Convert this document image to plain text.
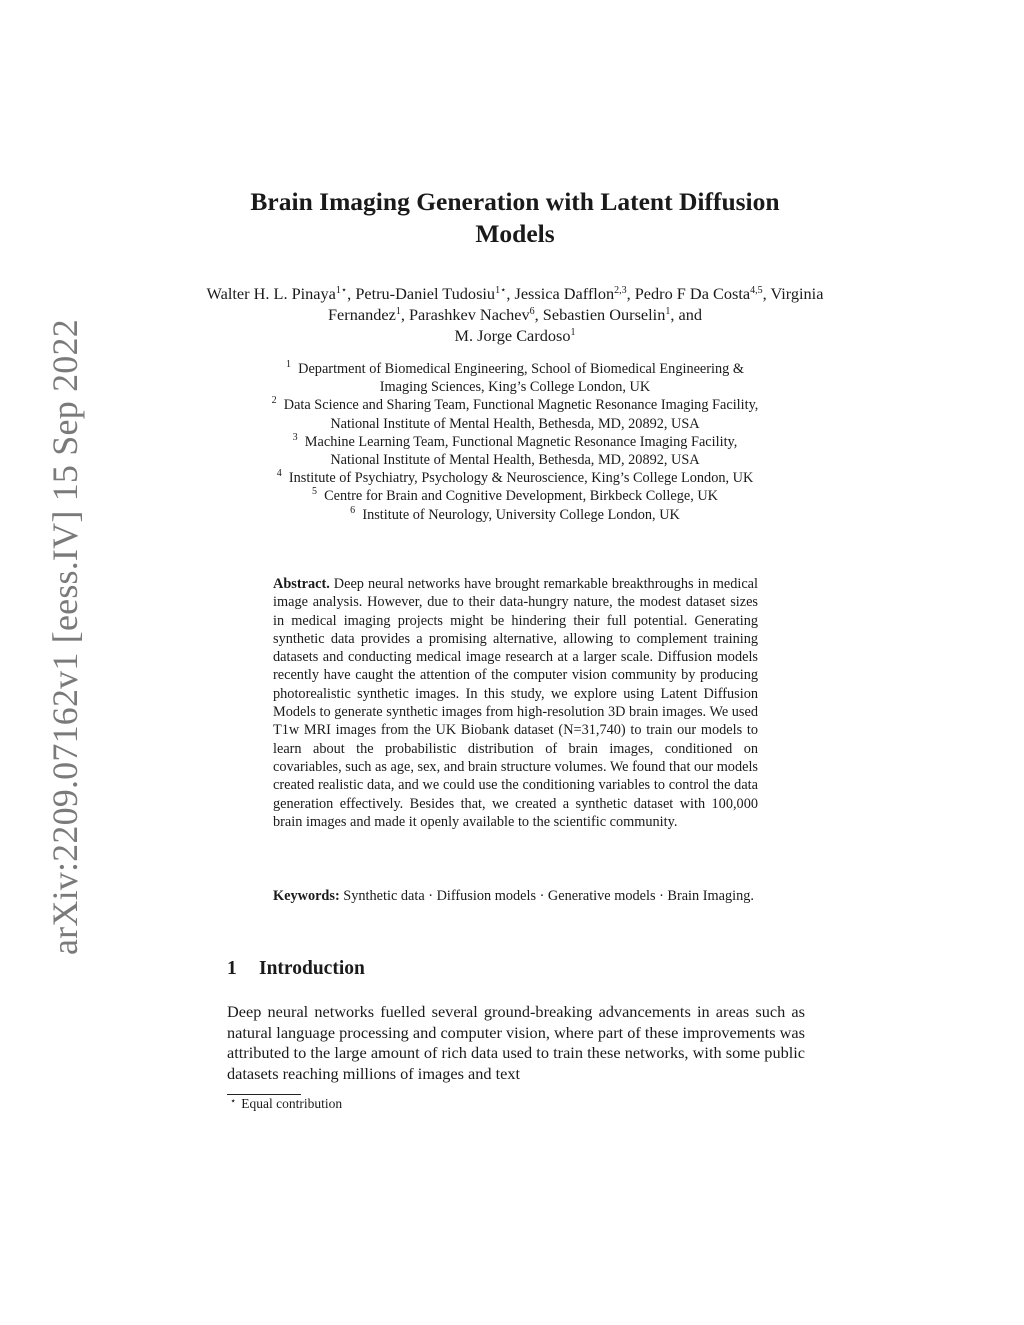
arXiv:2209.07162v1 [eess.IV] 15 Sep 2022
Brain Imaging Generation with Latent Diffusion
Models
Walter H. L. Pinaya$^{1⋆}$, Petru-Daniel Tudosiu$^{1⋆}$, Jessica Dafflon$^{2,3}$, Pedro F Da Costa$^{4,5}$, Virginia Fernandez$^1$, Parashkev Nachev$^6$, Sebastien Ourselin$^1$, and
M. Jorge Cardoso$^1$
$^1$ Department of Biomedical Engineering, School of Biomedical Engineering &
Imaging Sciences, King’s College London, UK
$^2$ Data Science and Sharing Team, Functional Magnetic Resonance Imaging Facility,
National Institute of Mental Health, Bethesda, MD, 20892, USA
$^3$ Machine Learning Team, Functional Magnetic Resonance Imaging Facility,
National Institute of Mental Health, Bethesda, MD, 20892, USA
$^4$ Institute of Psychiatry, Psychology & Neuroscience, King’s College London, UK
$^5$ Centre for Brain and Cognitive Development, Birkbeck College, UK
$^6$ Institute of Neurology, University College London, UK
Abstract. Deep neural networks have brought remarkable breakthroughs in medical image analysis. However, due to their data-hungry nature, the modest dataset sizes in medical imaging projects might be hindering their full potential. Generating synthetic data provides a promising alternative, allowing to complement training datasets and conducting medical image research at a larger scale. Diffusion models recently have caught the attention of the computer vision community by producing photorealistic synthetic images. In this study, we explore using Latent Diffusion Models to generate synthetic images from high-resolution 3D brain images. We used T1w MRI images from the UK Biobank dataset (N=31,740) to train our models to learn about the probabilistic distribution of brain images, conditioned on covariables, such as age, sex, and brain structure volumes. We found that our models created realistic data, and we could use the conditioning variables to control the data generation effectively. Besides that, we created a synthetic dataset with 100,000 brain images and made it openly available to the scientific community.
Keywords: Synthetic data · Diffusion models · Generative models · Brain Imaging.
1 Introduction
Deep neural networks fuelled several ground-breaking advancements in areas such as natural language processing and computer vision, where part of these improvements was attributed to the large amount of rich data used to train these networks, with some public datasets reaching millions of images and text
⋆ Equal contribution
